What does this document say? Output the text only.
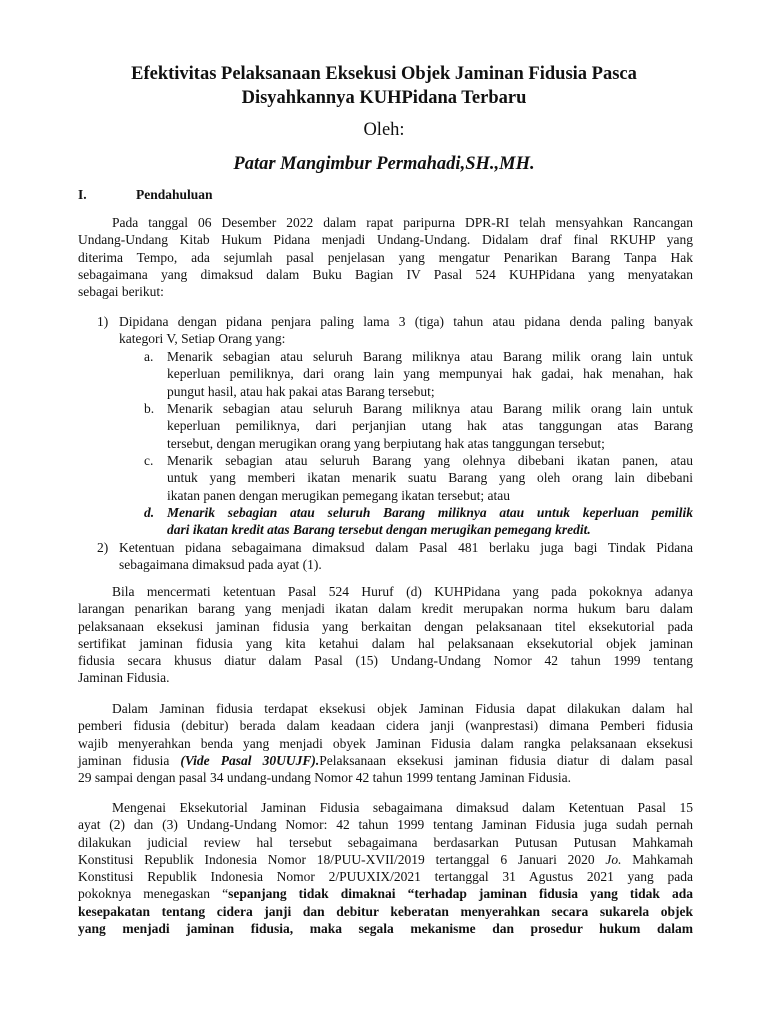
Efektivitas Pelaksanaan Eksekusi Objek Jaminan Fidusia Pasca
Disyahkannya KUHPidana Terbaru
Oleh:
Patar Mangimbur Permahadi,SH.,MH.
I.	Pendahuluan
Pada tanggal 06 Desember 2022 dalam rapat paripurna DPR-RI telah mensyahkan Rancangan
Undang-Undang Kitab Hukum Pidana menjadi Undang-Undang. Didalam draf final RKUHP yang
diterima Tempo, ada sejumlah pasal penjelasan yang mengatur Penarikan Barang Tanpa Hak
sebagaimana yang dimaksud dalam Buku Bagian IV Pasal 524 KUHPidana yang menyatakan
sebagai berikut:
1) Dipidana dengan pidana penjara paling lama 3 (tiga) tahun atau pidana denda paling banyak
kategori V, Setiap Orang yang:
a. Menarik sebagian atau seluruh Barang miliknya atau Barang milik orang lain untuk
keperluan pemiliknya, dari orang lain yang mempunyai hak gadai, hak menahan, hak
pungut hasil, atau hak pakai atas Barang tersebut;
b. Menarik sebagian atau seluruh Barang miliknya atau Barang milik orang lain untuk
keperluan pemiliknya, dari perjanjian utang hak atas tanggungan atas Barang
tersebut, dengan merugikan orang yang berpiutang hak atas tanggungan tersebut;
c. Menarik sebagian atau seluruh Barang yang olehnya dibebani ikatan panen, atau
untuk yang memberi ikatan menarik suatu Barang yang oleh orang lain dibebani
ikatan panen dengan merugikan pemegang ikatan tersebut; atau
d. Menarik sebagian atau seluruh Barang miliknya atau untuk keperluan pemilik
dari ikatan kredit atas Barang tersebut dengan merugikan pemegang kredit.
2) Ketentuan pidana sebagaimana dimaksud dalam Pasal 481 berlaku juga bagi Tindak Pidana
sebagaimana dimaksud pada ayat (1).
Bila mencermati ketentuan Pasal 524 Huruf (d) KUHPidana yang pada pokoknya adanya
larangan penarikan barang yang menjadi ikatan dalam kredit merupakan norma hukum baru dalam
pelaksanaan eksekusi jaminan fidusia yang berkaitan dengan pelaksanaan titel eksekutorial pada
sertifikat jaminan fidusia yang kita ketahui dalam hal pelaksanaan eksekutorial objek jaminan
fidusia secara khusus diatur dalam Pasal (15) Undang-Undang Nomor 42 tahun 1999 tentang
Jaminan Fidusia.
Dalam Jaminan fidusia terdapat eksekusi objek Jaminan Fidusia dapat dilakukan dalam hal
pemberi fidusia (debitur) berada dalam keadaan cidera janji (wanprestasi) dimana Pemberi fidusia
wajib menyerahkan benda yang menjadi obyek Jaminan Fidusia dalam rangka pelaksanaan eksekusi
jaminan fidusia (Vide Pasal 30UUJF).Pelaksanaan eksekusi jaminan fidusia diatur di dalam pasal
29 sampai dengan pasal 34 undang-undang Nomor 42 tahun 1999 tentang Jaminan Fidusia.
Mengenai Eksekutorial Jaminan Fidusia sebagaimana dimaksud dalam Ketentuan Pasal 15
ayat (2) dan (3) Undang-Undang Nomor: 42 tahun 1999 tentang Jaminan Fidusia juga sudah pernah
dilakukan judicial review hal tersebut sebagaimana berdasarkan Putusan Putusan Mahkamah
Konstitusi Republik Indonesia Nomor 18/PUU-XVII/2019 tertanggal 6 Januari 2020 Jo. Mahkamah
Konstitusi Republik Indonesia Nomor 2/PUUXIX/2021 tertanggal 31 Agustus 2021 yang pada
pokoknya menegaskan “sepanjang tidak dimaknai “terhadap jaminan fidusia yang tidak ada
kesepakatan tentang cidera janji dan debitur keberatan menyerahkan secara sukarela objek
yang menjadi jaminan fidusia, maka segala mekanisme dan prosedur hukum dalam
